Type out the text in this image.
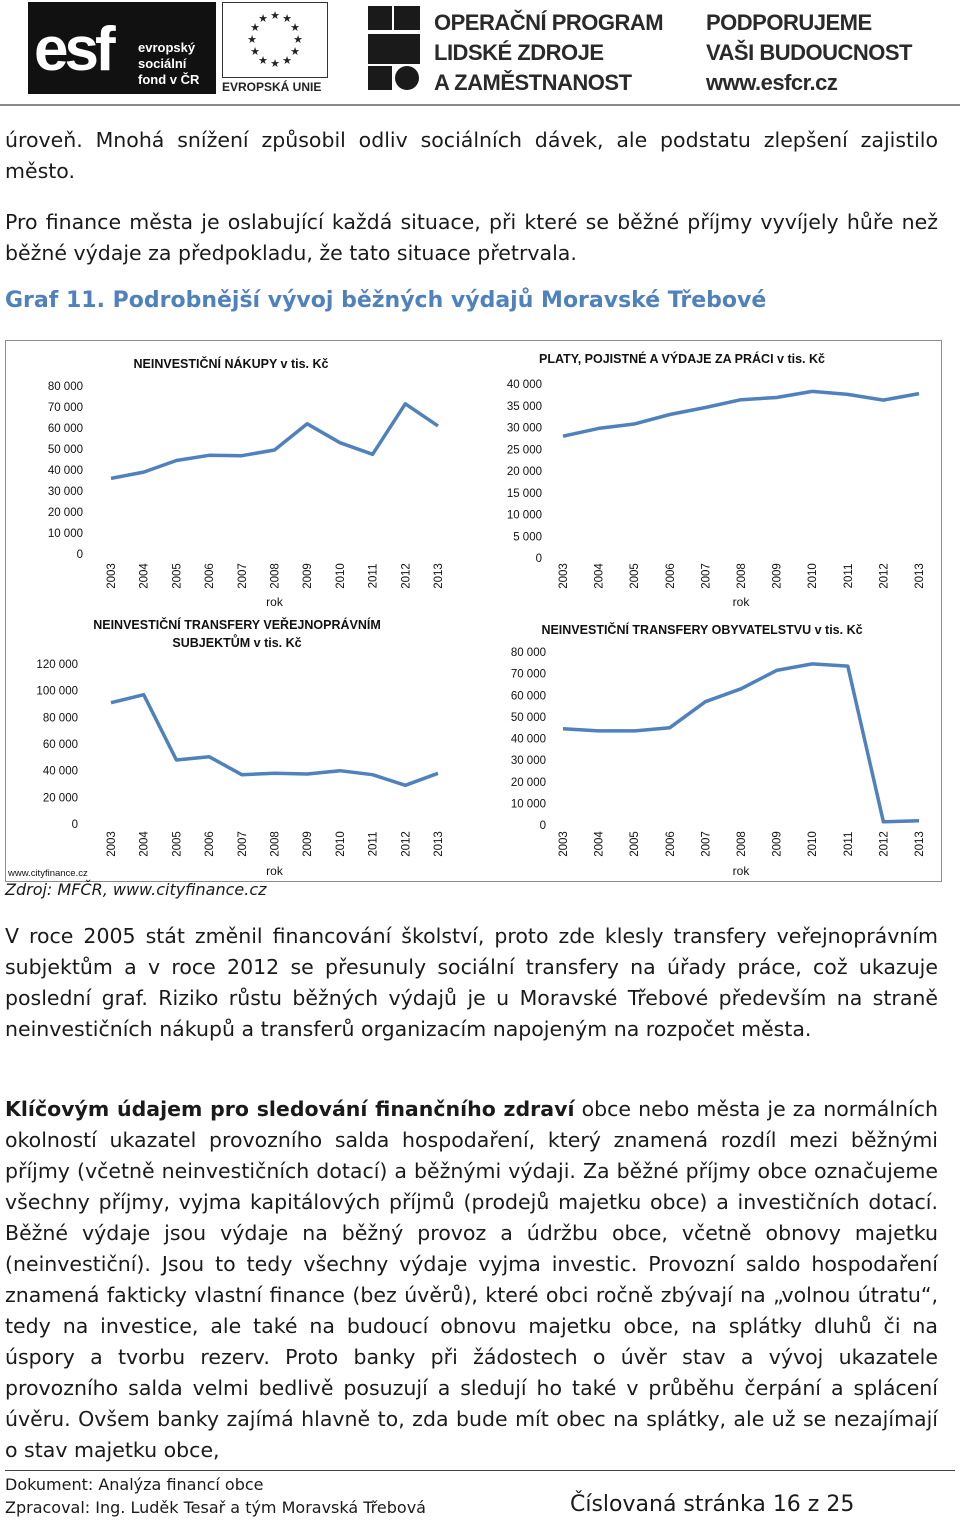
esf evropský
sociální
fond v ČR
★ ★
★
★
★
★
★
★
★
★
★
★
EVROPSKÁ UNIE
OPERAČNÍ PROGRAM
LIDSKÉ ZDROJE
A ZAMĚSTNANOST
PODPORUJEME
VAŠI BUDOUCNOST
www.esfcr.cz

úroveň. Mnohá snížení způsobil odliv sociálních dávek, ale podstatu zlepšení zajistilo město.

Pro finance města je oslabující každá situace, při které se běžné příjmy vyvíjely hůře než běžné výdaje za předpokladu, že tato situace přetrvala.

Graf 11. Podrobnější vývoj běžných výdajů Moravské Třebové
www.cityfinance.cz
NEINVESTIČNÍ NÁKUPY v tis. Kč
80 000
70 000
60 000
50 000
40 000
30 000
20 000
10 000
0
2003 2004 2005 2006 2007 2008 2009 2010 2011 2012 2013
rok
PLATY, POJISTNÉ A VÝDAJE ZA PRÁCI v tis. Kč
40 000
35 000
30 000
25 000
20 000
15 000
10 000
5 000
0
2003 2004 2005 2006 2007 2008 2009 2010 2011 2012 2013
rok
NEINVESTIČNÍ TRANSFERY VEŘEJNOPRÁVNÍM SUBJEKTŮM v tis. Kč
120 000
100 000
80 000
60 000
40 000
20 000
0
2003 2004 2005 2006 2007 2008 2009 2010 2011 2012 2013
rok
NEINVESTIČNÍ TRANSFERY OBYVATELSTVU v tis. Kč
80 000
70 000
60 000
50 000
40 000
30 000
20 000
10 000
0
2003 2004 2005 2006 2007 2008 2009 2010 2011 2012 2013
rok
Zdroj: MFČR, www.cityfinance.cz

V roce 2005 stát změnil financování školství, proto zde klesly transfery veřejnoprávním subjektům a v roce 2012 se přesunuly sociální transfery na úřady práce, což ukazuje poslední graf. Riziko růstu běžných výdajů je u Moravské Třebové především na straně neinvestičních nákupů a transferů organizacím napojeným na rozpočet města.

Klíčovým údajem pro sledování finančního zdraví obce nebo města je za normálních okolností ukazatel provozního salda hospodaření, který znamená rozdíl mezi běžnými příjmy (včetně neinvestičních dotací) a běžnými výdaji. Za běžné příjmy obce označujeme všechny příjmy, vyjma kapitálových příjmů (prodejů majetku obce) a investičních dotací. Běžné výdaje jsou výdaje na běžný provoz a údržbu obce, včetně obnovy majetku (neinvestiční). Jsou to tedy všechny výdaje vyjma investic. Provozní saldo hospodaření znamená fakticky vlastní finance (bez úvěrů), které obci ročně zbývají na „volnou útratu“, tedy na investice, ale také na budoucí obnovu majetku obce, na splátky dluhů či na úspory a tvorbu rezerv. Proto banky při žádostech o úvěr stav a vývoj ukazatele provozního salda velmi bedlivě posuzují a sledují ho také v průběhu čerpání a splácení úvěru. Ovšem banky zajímá hlavně to, zda bude mít obec na splátky, ale už se nezajímají o stav majetku obce,

Dokument: Analýza financí obce
Zpracoval: Ing. Luděk Tesař a tým Moravská Třebová	Číslovaná stránka 16 z 25
